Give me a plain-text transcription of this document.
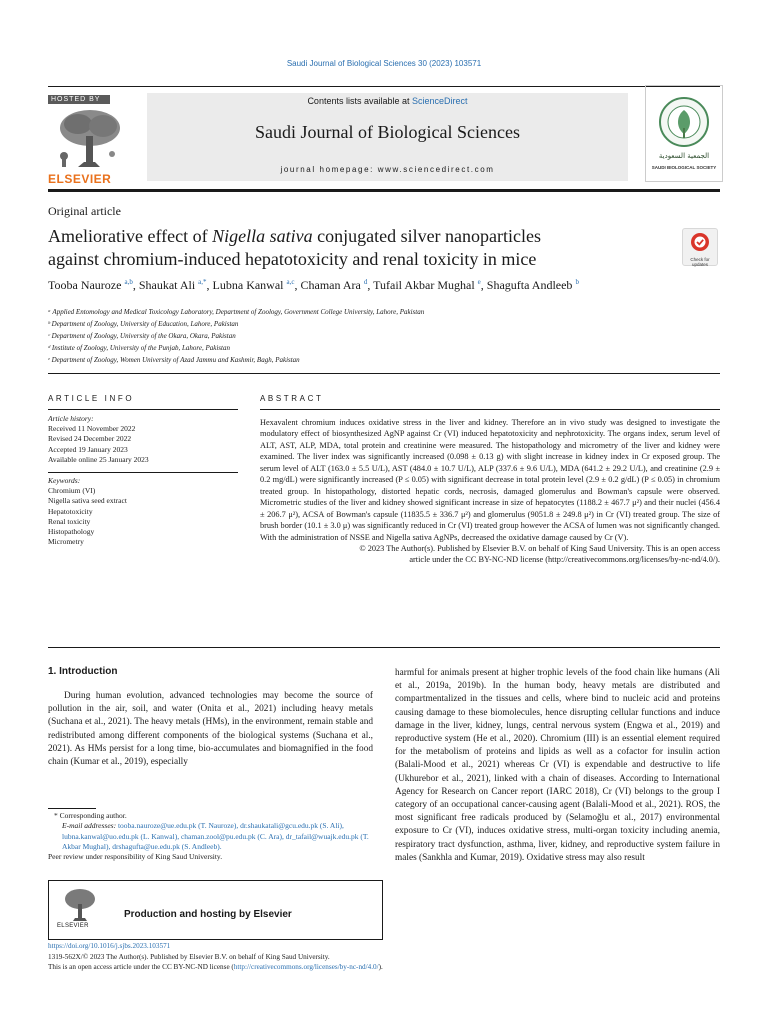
Saudi Journal of Biological Sciences 30 (2023) 103571
HOSTED BY
ELSEVIER
Contents lists available at ScienceDirect
Saudi Journal of Biological Sciences
journal homepage: www.sciencedirect.com
الجمعية السعودية
SAUDI BIOLOGICAL SOCIETY
Original article
Ameliorative effect of Nigella sativa conjugated silver nanoparticles
against chromium-induced hepatotoxicity and renal toxicity in mice	Check for updates
Tooba Nauroze $^{a,b}$, Shaukat Ali $^{a,*}$, Lubna Kanwal $^{a,c}$, Chaman Ara $^d$, Tufail Akbar Mughal $^e$, Shagufta Andleeb $^b$
ᵃ Applied Entomology and Medical Toxicology Laboratory, Department of Zoology, Government College University, Lahore, Pakistan
ᵇ Department of Zoology, University of Education, Lahore, Pakistan
ᶜ Department of Zoology, University of the Okara, Okara, Pakistan
ᵈ Institute of Zoology, University of the Punjab, Lahore, Pakistan
ᵉ Department of Zoology, Women University of Azad Jammu and Kashmir, Bagh, Pakistan
ARTICLE INFO
Article history:
Received 11 November 2022
Revised 24 December 2022
Accepted 19 January 2023
Available online 25 January 2023
Keywords:
Chromium (VI)
Nigella sativa seed extract
Hepatotoxicity
Renal toxicity
Histopathology
Micrometry
ABSTRACT
Hexavalent chromium induces oxidative stress in the liver and kidney. Therefore an in vivo study was designed to investigate the modulatory effect of biosynthesized AgNP against Cr (VI) induced hepatotoxicity and nephrotoxicity. The organs index, serum level of ALT, AST, ALP, MDA, total protein and creatinine were measured. The histopathology and micrometry of the liver and kidney were examined. The liver index was significantly increased (0.098 ± 0.13 g) with slight increase in kidney index in Cr exposed group. The serum level of ALT (163.0 ± 5.5 U/L), AST (484.0 ± 10.7 U/L), ALP (337.6 ± 9.6 U/L), MDA (641.2 ± 29.2 U/L), and creatinine (2.9 ± 0.2 mg/dL) were significantly increased (P ≤ 0.05) with significant decrease in total protein level (2.9 ± 0.2 g/dL) (P ≤ 0.05) in chromium treated group. In histopathology, distorted hepatic cords, necrosis, damaged glomerulus and Bowman's capsule were observed. Micrometric studies of the liver and kidney showed significant increase in size of hepatocytes (1188.2 ± 467.7 μ²) and their nuclei (456.4 ± 206.7 μ²), ACSA of Bowman's capsule (11835.5 ± 336.7 μ²) and glomerulus (9051.8 ± 249.8 μ²) in Cr (VI) treated group. The size of brush border (10.1 ± 3.0 μ) was significantly reduced in Cr (VI) treated group however the ACSA of lumen was not significantly changed. With the administration of NSSE and Nigella sativa AgNPs, decreased the oxidative damage caused by Cr (V).
© 2023 The Author(s). Published by Elsevier B.V. on behalf of King Saud University. This is an open access
article under the CC BY-NC-ND license (http://creativecommons.org/licenses/by-nc-nd/4.0/).
1. Introduction
During human evolution, advanced technologies may become the source of pollution in the air, soil, and water (Onita et al., 2021) including heavy metals (Suchana et al., 2021). The heavy metals (HMs), in the environment, remain stable and redistributed among different components of the biological systems (Suchana et al., 2021). As HMs persist for a long time, bio-accumulates and biomagnified in the food chain (Kumar et al., 2019), especially
harmful for animals present at higher trophic levels of the food chain like humans (Ali et al., 2019a, 2019b). In the human body, heavy metals are distributed and compartmentalized in the tissues and cells, where bind to nucleic acid and proteins causing damage to these biomolecules, hence disrupting cellular functions and induce damage in the liver, kidney, lungs, central nervous system (Engwa et al., 2019) and reproductive system (He et al., 2020). Chromium (III) is an essential element required for the metabolism of proteins and lipids as well as a cofactor for insulin action (Balali-Mood et al., 2021) whereas Cr (VI) is expendable and destructive to life (Ukhurebor et al., 2021), linked with a chain of diseases. According to International Agency for Research on Cancer report (IARC 2018), Cr (VI) belongs to the group I category of an occupational cancer-causing agent (Balali-Mood et al., 2021). ROS, the most significant free radicals produced by (Selamoğlu et al., 2017) environmental exposure to Cr (VI), induces oxidative stress, multi-organ toxicity including anemia, respiratory tract dysfunction, asthma, liver, kidney, and reproductive system failure in males (Sankhla and Kumar, 2019). Oxidative stress may also result
* Corresponding author.
E-mail addresses: tooba.nauroze@ue.edu.pk (T. Nauroze), dr.shaukatali@gcu.edu.pk (S. Ali), lubna.kanwal@uo.edu.pk (L. Kanwal), chaman.zool@pu.edu.pk (C. Ara), dr_tafail@wuajk.edu.pk (T. Akbar Mughal), drshagufta@ue.edu.pk (S. Andleeb).
Peer review under responsibility of King Saud University.
ELSEVIER
Production and hosting by Elsevier
https://doi.org/10.1016/j.sjbs.2023.103571
1319-562X/© 2023 The Author(s). Published by Elsevier B.V. on behalf of King Saud University.
This is an open access article under the CC BY-NC-ND license (http://creativecommons.org/licenses/by-nc-nd/4.0/).
